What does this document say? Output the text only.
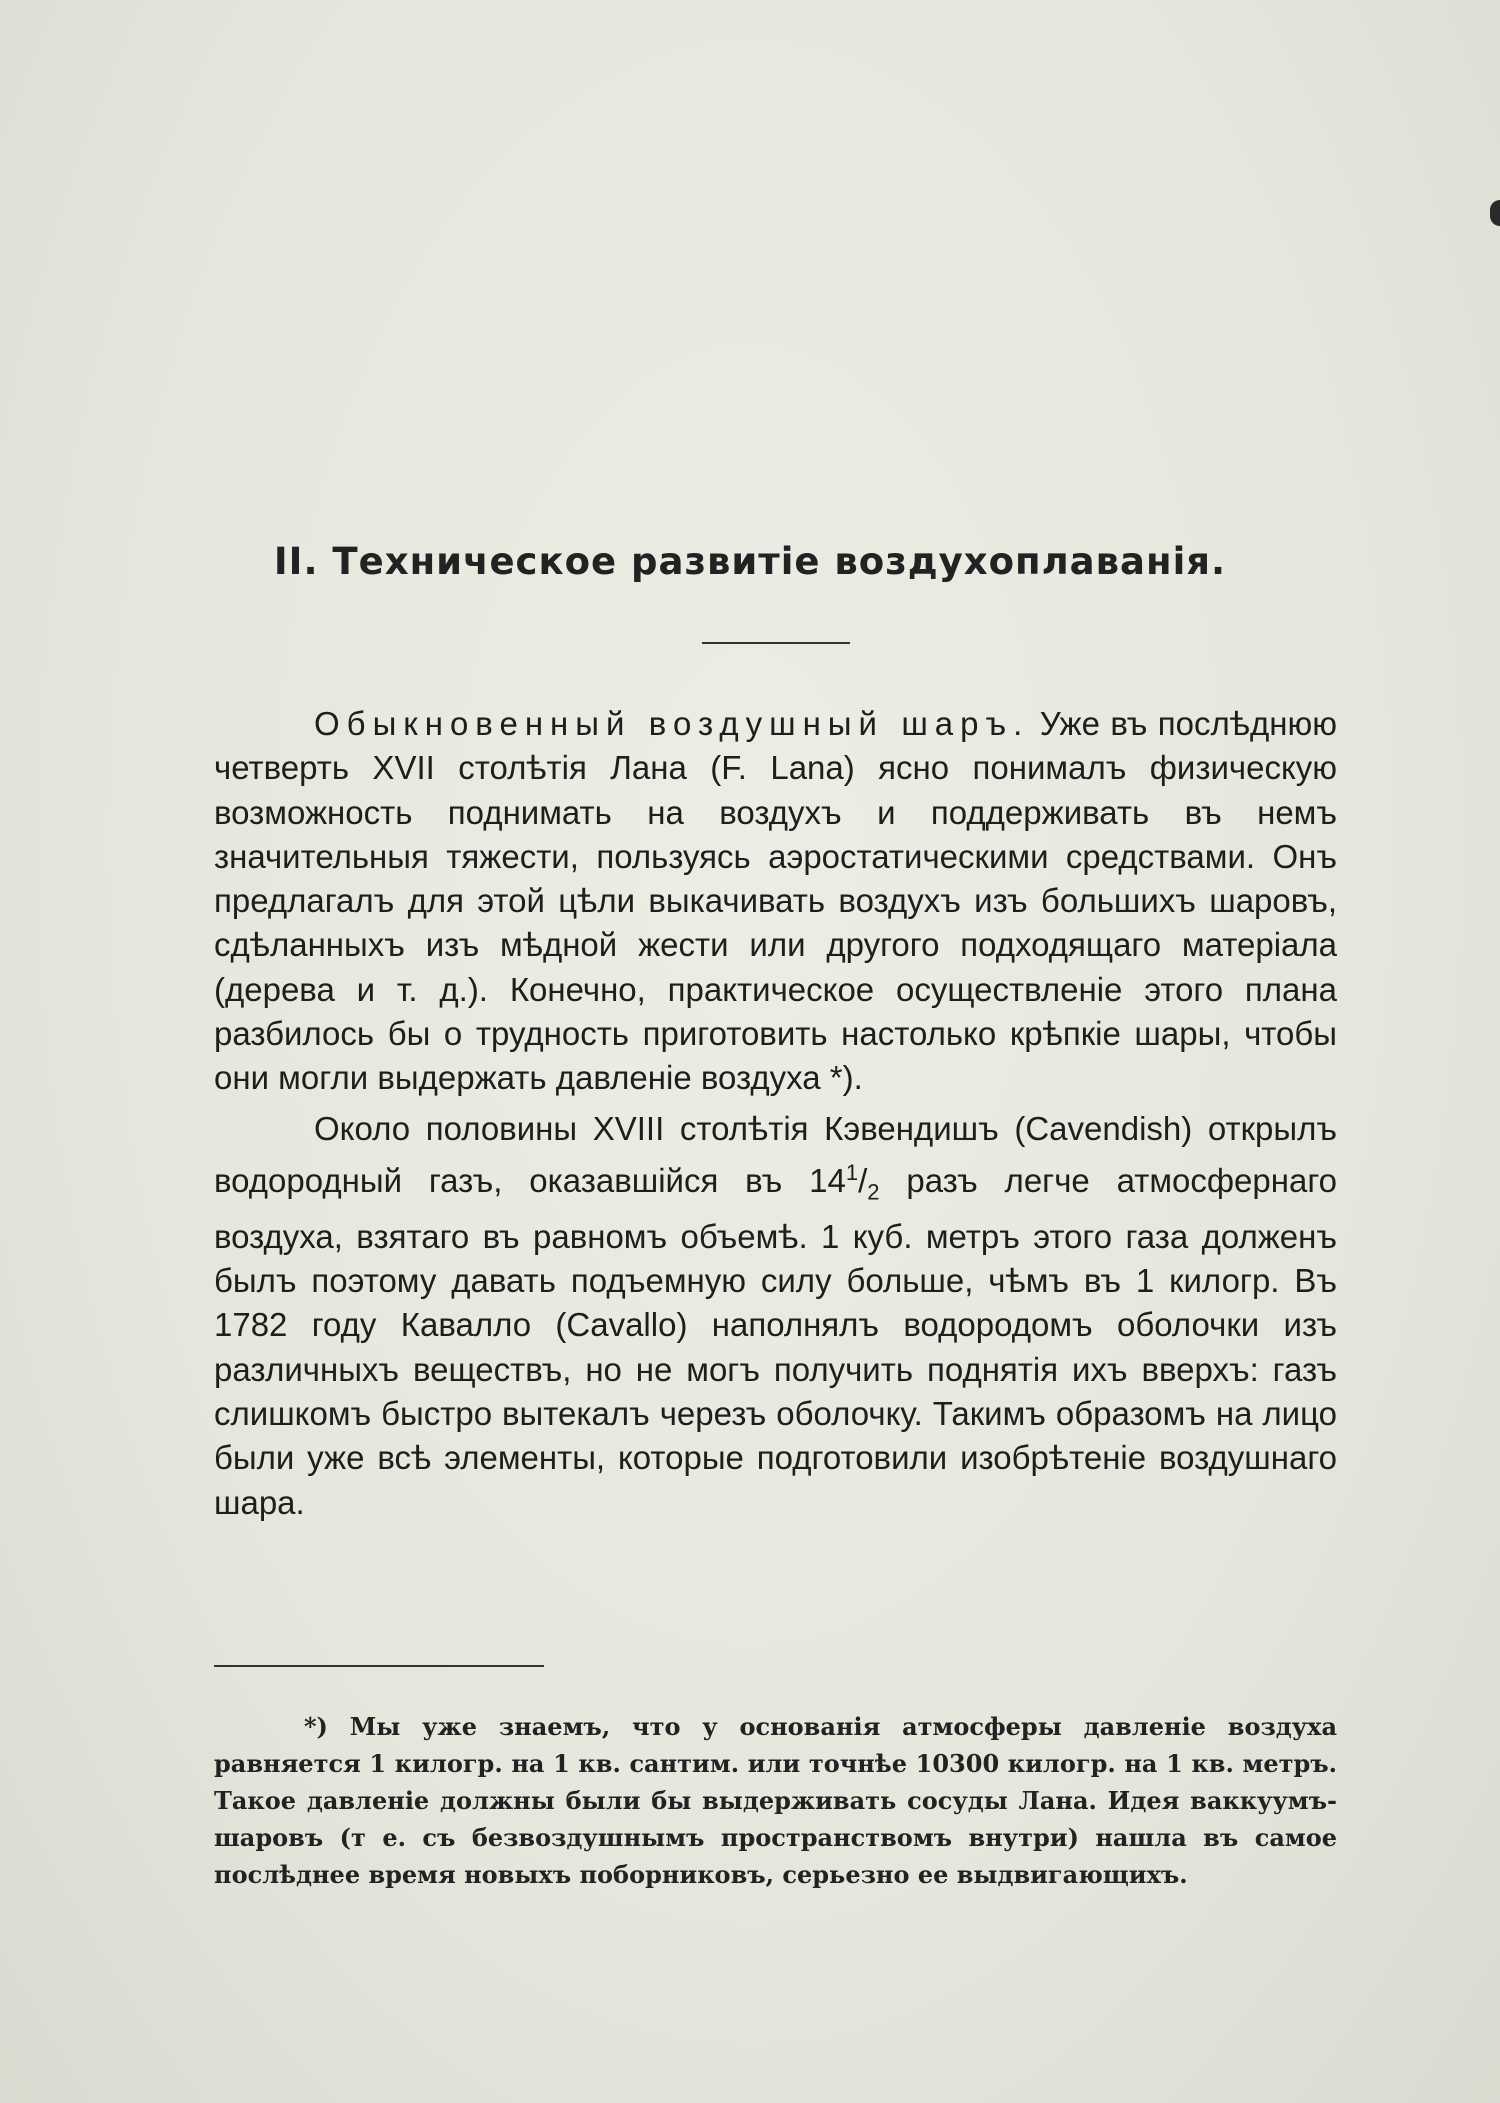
II. Техническое развитіе воздухоплаванія.

Обыкновенный воздушный шаръ. Уже въ послѣднюю четверть XVII столѣтія Лана (F. Lana) ясно понималъ физическую возможность поднимать на воздухъ и поддерживать въ немъ значительныя тяжести, пользуясь аэростатическими средствами. Онъ предлагалъ для этой цѣли выкачивать воздухъ изъ большихъ шаровъ, сдѣланныхъ изъ мѣдной жести или другого подходящаго матеріала (дерева и т. д.). Конечно, практическое осуществленіе этого плана разбилось бы о трудность приготовить настолько крѣпкіе шары, чтобы они могли выдержать давленіе воздуха *).

Около половины XVIII столѣтія Кэвендишъ (Cavendish) открылъ водородный газъ, оказавшійся въ $14^1/_2$ разъ легче атмосфернаго воздуха, взятаго въ равномъ объемѣ. 1 куб. метръ этого газа долженъ былъ поэтому давать подъемную силу больше, чѣмъ въ 1 килогр. Въ 1782 году Кавалло (Cavallo) наполнялъ водородомъ оболочки изъ различныхъ веществъ, но не могъ получить поднятія ихъ вверхъ: газъ слишкомъ быстро вытекалъ черезъ оболочку. Такимъ образомъ на лицо были уже всѣ элементы, которые подготовили изобрѣтеніе воздушнаго шара.

*) Мы уже знаемъ, что у основанія атмосферы давленіе воздуха равняется 1 килогр. на 1 кв. сантим. или точнѣе 10300 килогр. на 1 кв. метръ. Такое давленіе должны были бы выдерживать сосуды Лана. Идея ваккуумъ-шаровъ (т е. съ безвоздушнымъ пространствомъ внутри) нашла въ самое послѣднее время новыхъ поборниковъ, серьезно ее выдвигающихъ.
